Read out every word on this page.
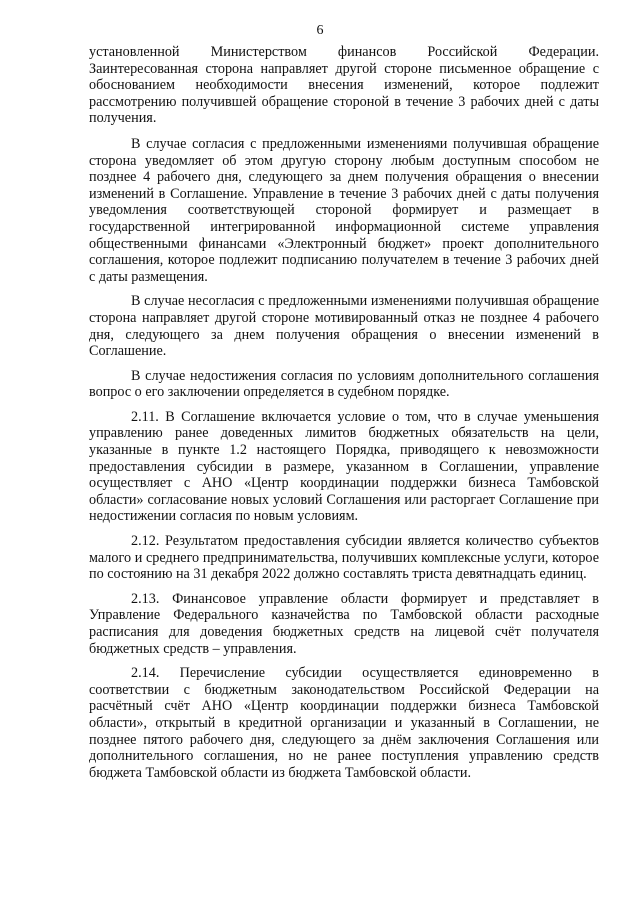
6

установленной Министерством финансов Российской Федерации. Заинтересованная сторона направляет другой стороне письменное обращение с обоснованием необходимости внесения изменений, которое подлежит рассмотрению получившей обращение стороной в течение 3 рабочих дней с даты получения.

В случае согласия с предложенными изменениями получившая обращение сторона уведомляет об этом другую сторону любым доступным способом не позднее 4 рабочего дня, следующего за днем получения обращения о внесении изменений в Соглашение. Управление в течение 3 рабочих дней с даты получения уведомления соответствующей стороной формирует и размещает в государственной интегрированной информационной системе управления общественными финансами «Электронный бюджет» проект дополнительного соглашения, которое подлежит подписанию получателем в течение 3 рабочих дней с даты размещения.

В случае несогласия с предложенными изменениями получившая обращение сторона направляет другой стороне мотивированный отказ не позднее 4 рабочего дня, следующего за днем получения обращения о внесении изменений в Соглашение.

В случае недостижения согласия по условиям дополнительного соглашения вопрос о его заключении определяется в судебном порядке.

2.11. В Соглашение включается условие о том, что в случае уменьшения управлению ранее доведенных лимитов бюджетных обязательств на цели, указанные в пункте 1.2 настоящего Порядка, приводящего к невозможности предоставления субсидии в размере, указанном в Соглашении, управление осуществляет с АНО «Центр координации поддержки бизнеса Тамбовской области» согласование новых условий Соглашения или расторгает Соглашение при недостижении согласия по новым условиям.

2.12. Результатом предоставления субсидии является количество субъектов малого и среднего предпринимательства, получивших комплексные услуги, которое по состоянию на 31 декабря 2022 должно составлять триста девятнадцать единиц.

2.13. Финансовое управление области формирует и представляет в Управление Федерального казначейства по Тамбовской области расходные расписания для доведения бюджетных средств на лицевой счёт получателя бюджетных средств – управления.

2.14. Перечисление субсидии осуществляется единовременно в соответствии с бюджетным законодательством Российской Федерации на расчётный счёт АНО «Центр координации поддержки бизнеса Тамбовской области», открытый в кредитной организации и указанный в Соглашении, не позднее пятого рабочего дня, следующего за днём заключения Соглашения или дополнительного соглашения, но не ранее поступления управлению средств бюджета Тамбовской области из бюджета Тамбовской области.
